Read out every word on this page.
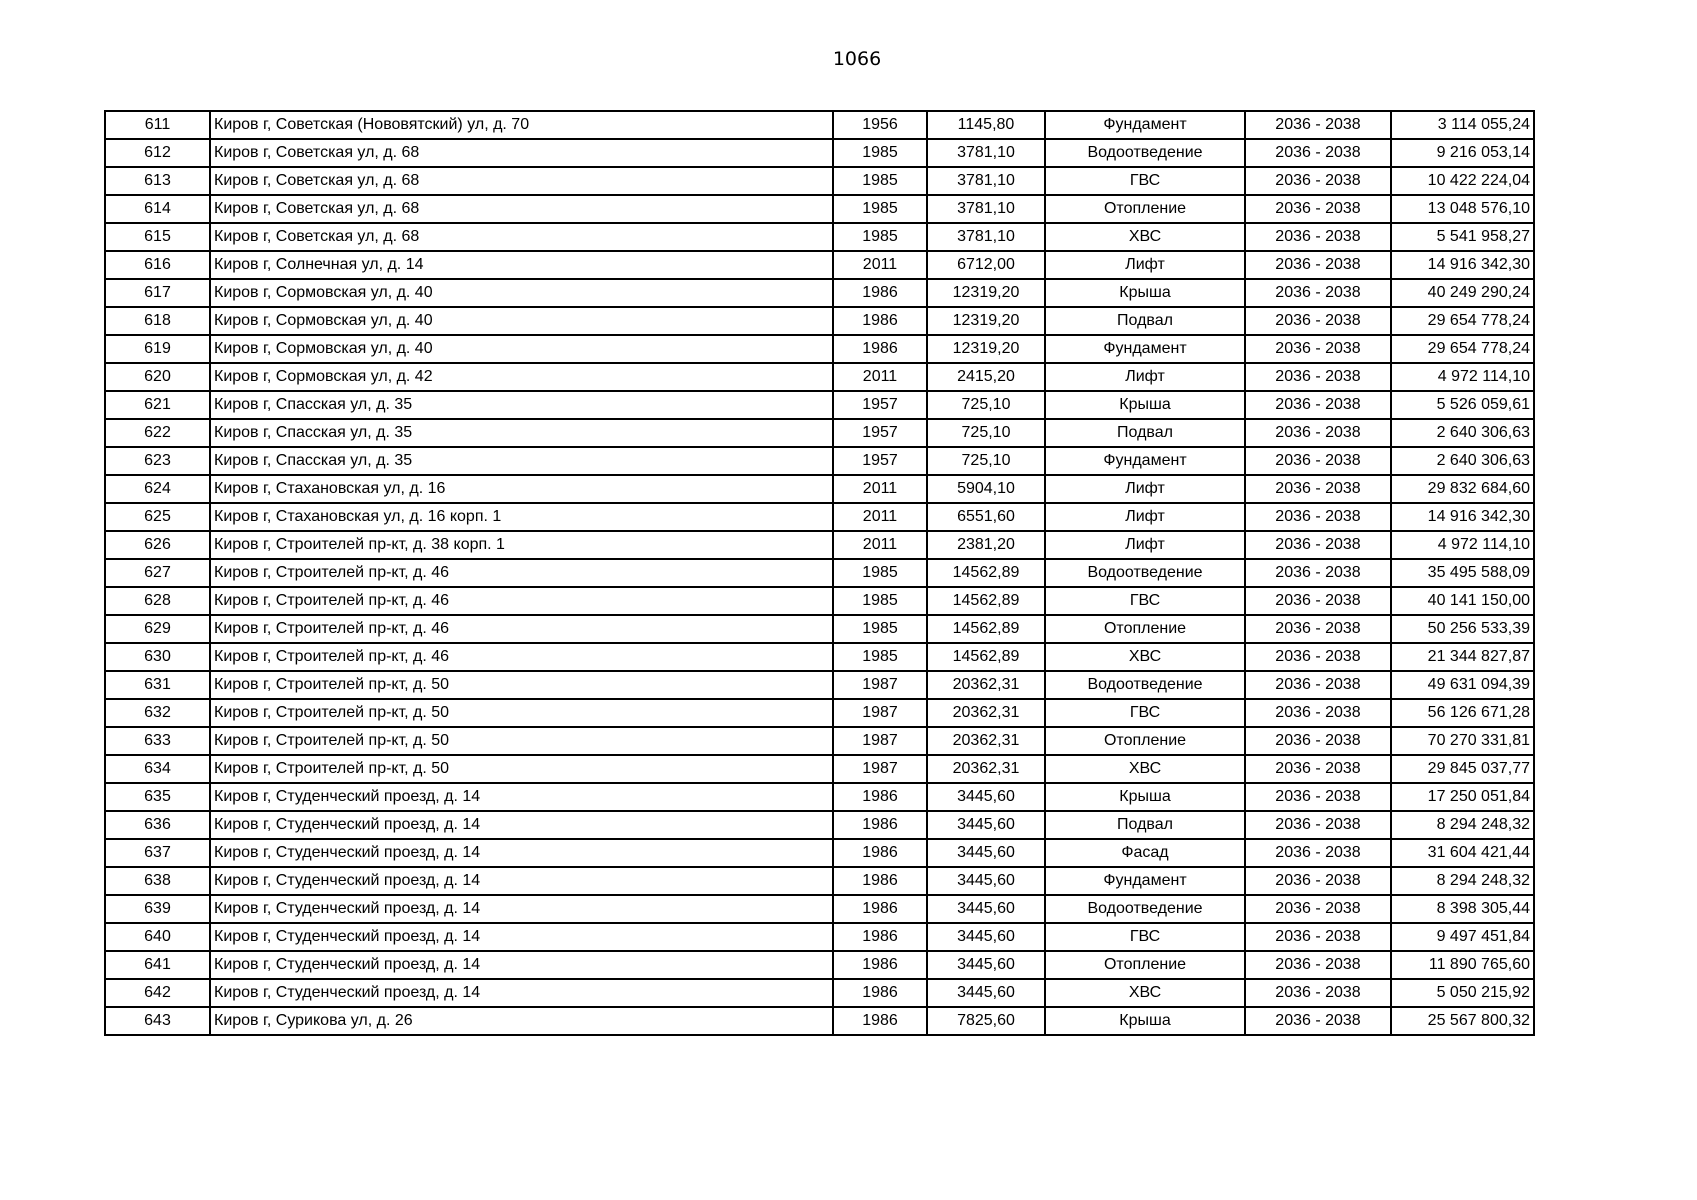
1066
611	Киров г, Советская (Нововятский) ул, д. 70	1956	1145,80	Фундамент	2036 - 2038	3 114 055,24
612	Киров г, Советская ул, д. 68	1985	3781,10	Водоотведение	2036 - 2038	9 216 053,14
613	Киров г, Советская ул, д. 68	1985	3781,10	ГВС	2036 - 2038	10 422 224,04
614	Киров г, Советская ул, д. 68	1985	3781,10	Отопление	2036 - 2038	13 048 576,10
615	Киров г, Советская ул, д. 68	1985	3781,10	ХВС	2036 - 2038	5 541 958,27
616	Киров г, Солнечная ул, д. 14	2011	6712,00	Лифт	2036 - 2038	14 916 342,30
617	Киров г, Сормовская ул, д. 40	1986	12319,20	Крыша	2036 - 2038	40 249 290,24
618	Киров г, Сормовская ул, д. 40	1986	12319,20	Подвал	2036 - 2038	29 654 778,24
619	Киров г, Сормовская ул, д. 40	1986	12319,20	Фундамент	2036 - 2038	29 654 778,24
620	Киров г, Сормовская ул, д. 42	2011	2415,20	Лифт	2036 - 2038	4 972 114,10
621	Киров г, Спасская ул, д. 35	1957	725,10	Крыша	2036 - 2038	5 526 059,61
622	Киров г, Спасская ул, д. 35	1957	725,10	Подвал	2036 - 2038	2 640 306,63
623	Киров г, Спасская ул, д. 35	1957	725,10	Фундамент	2036 - 2038	2 640 306,63
624	Киров г, Стахановская ул, д. 16	2011	5904,10	Лифт	2036 - 2038	29 832 684,60
625	Киров г, Стахановская ул, д. 16 корп. 1	2011	6551,60	Лифт	2036 - 2038	14 916 342,30
626	Киров г, Строителей пр-кт, д. 38 корп. 1	2011	2381,20	Лифт	2036 - 2038	4 972 114,10
627	Киров г, Строителей пр-кт, д. 46	1985	14562,89	Водоотведение	2036 - 2038	35 495 588,09
628	Киров г, Строителей пр-кт, д. 46	1985	14562,89	ГВС	2036 - 2038	40 141 150,00
629	Киров г, Строителей пр-кт, д. 46	1985	14562,89	Отопление	2036 - 2038	50 256 533,39
630	Киров г, Строителей пр-кт, д. 46	1985	14562,89	ХВС	2036 - 2038	21 344 827,87
631	Киров г, Строителей пр-кт, д. 50	1987	20362,31	Водоотведение	2036 - 2038	49 631 094,39
632	Киров г, Строителей пр-кт, д. 50	1987	20362,31	ГВС	2036 - 2038	56 126 671,28
633	Киров г, Строителей пр-кт, д. 50	1987	20362,31	Отопление	2036 - 2038	70 270 331,81
634	Киров г, Строителей пр-кт, д. 50	1987	20362,31	ХВС	2036 - 2038	29 845 037,77
635	Киров г, Студенческий проезд, д. 14	1986	3445,60	Крыша	2036 - 2038	17 250 051,84
636	Киров г, Студенческий проезд, д. 14	1986	3445,60	Подвал	2036 - 2038	8 294 248,32
637	Киров г, Студенческий проезд, д. 14	1986	3445,60	Фасад	2036 - 2038	31 604 421,44
638	Киров г, Студенческий проезд, д. 14	1986	3445,60	Фундамент	2036 - 2038	8 294 248,32
639	Киров г, Студенческий проезд, д. 14	1986	3445,60	Водоотведение	2036 - 2038	8 398 305,44
640	Киров г, Студенческий проезд, д. 14	1986	3445,60	ГВС	2036 - 2038	9 497 451,84
641	Киров г, Студенческий проезд, д. 14	1986	3445,60	Отопление	2036 - 2038	11 890 765,60
642	Киров г, Студенческий проезд, д. 14	1986	3445,60	ХВС	2036 - 2038	5 050 215,92
643	Киров г, Сурикова ул, д. 26	1986	7825,60	Крыша	2036 - 2038	25 567 800,32
